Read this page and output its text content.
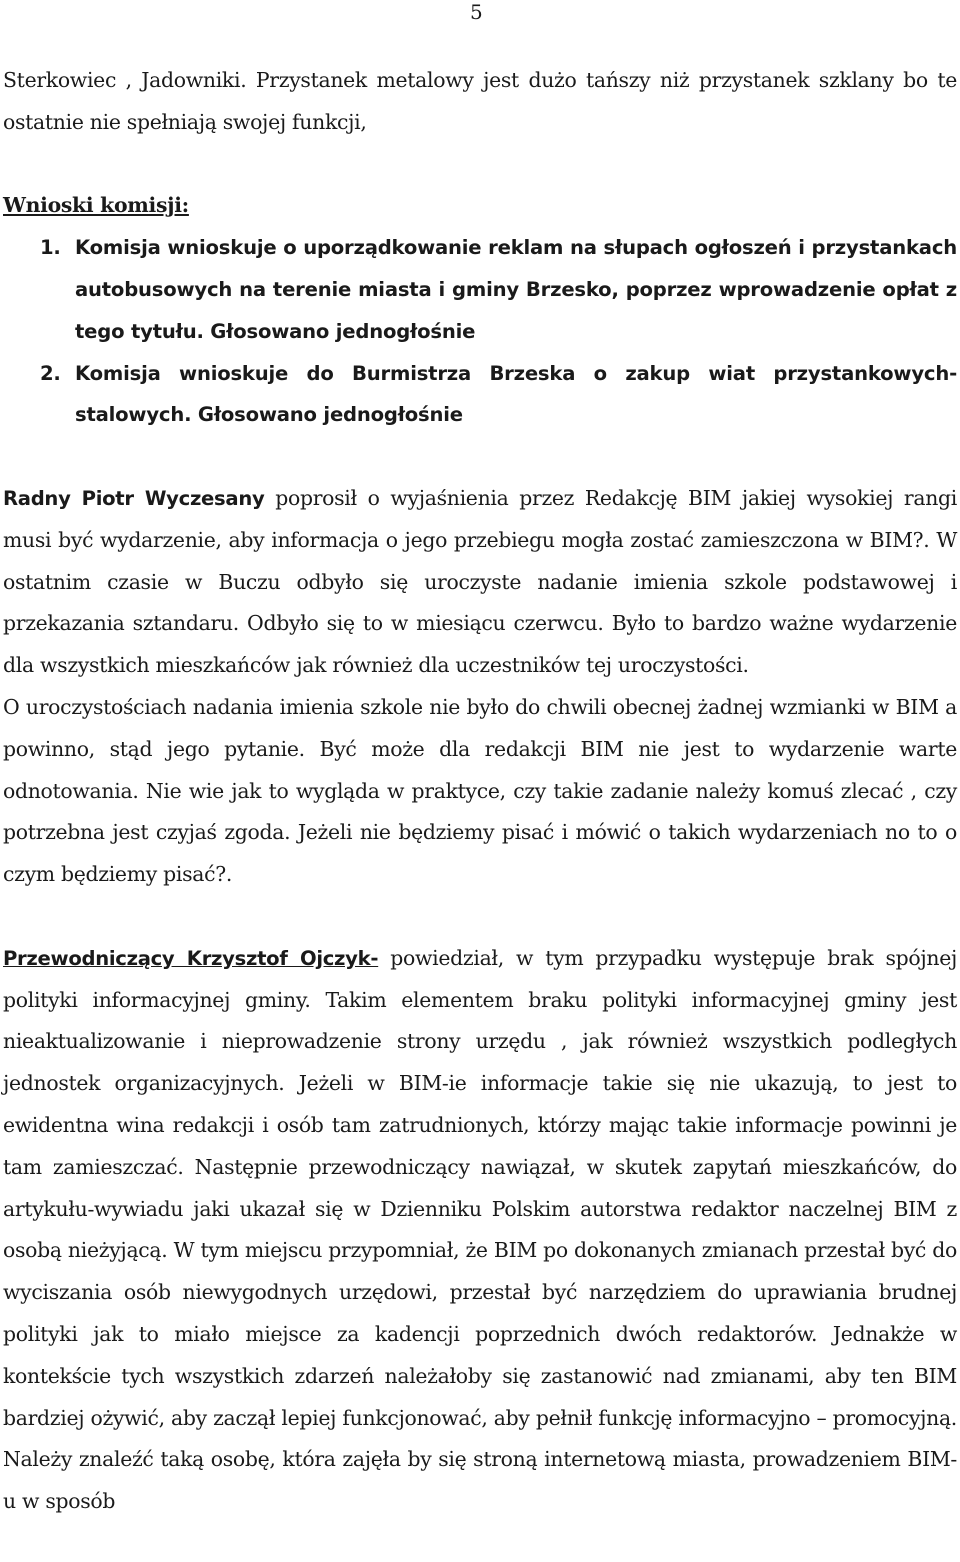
5

Sterkowiec , Jadowniki. Przystanek metalowy jest dużo tańszy niż przystanek szklany bo te ostatnie nie spełniają swojej funkcji,

Wnioski komisji:

1. Komisja wnioskuje o uporządkowanie reklam na słupach ogłoszeń i przystankach autobusowych na terenie miasta i gminy Brzesko, poprzez wprowadzenie opłat z tego tytułu. Głosowano jednogłośnie
2. Komisja wnioskuje do Burmistrza Brzeska o zakup wiat przystankowych- stalowych. Głosowano jednogłośnie

Radny Piotr Wyczesany poprosił o wyjaśnienia przez Redakcję BIM jakiej wysokiej rangi musi być wydarzenie, aby informacja o jego przebiegu mogła zostać zamieszczona w BIM?. W ostatnim czasie w Buczu odbyło się uroczyste nadanie imienia szkole podstawowej i przekazania sztandaru. Odbyło się to w miesiącu czerwcu. Było to bardzo ważne wydarzenie dla wszystkich mieszkańców jak również dla uczestników tej uroczystości.

O uroczystościach nadania imienia szkole nie było do chwili obecnej żadnej wzmianki w BIM a powinno, stąd jego pytanie. Być może dla redakcji BIM nie jest to wydarzenie warte odnotowania. Nie wie jak to wygląda w praktyce, czy takie zadanie należy komuś zlecać , czy potrzebna jest czyjaś zgoda. Jeżeli nie będziemy pisać i mówić o takich wydarzeniach no to o czym będziemy pisać?.

Przewodniczący Krzysztof Ojczyk- powiedział, w tym przypadku występuje brak spójnej polityki informacyjnej gminy. Takim elementem braku polityki informacyjnej gminy jest nieaktualizowanie i nieprowadzenie strony urzędu , jak również wszystkich podległych jednostek organizacyjnych. Jeżeli w BIM-ie informacje takie się nie ukazują, to jest to ewidentna wina redakcji i osób tam zatrudnionych, którzy mając takie informacje powinni je tam zamieszczać. Następnie przewodniczący nawiązał, w skutek zapytań mieszkańców, do artykułu-wywiadu jaki ukazał się w Dzienniku Polskim autorstwa redaktor naczelnej BIM z osobą nieżyjącą. W tym miejscu przypomniał, że BIM po dokonanych zmianach przestał być do wyciszania osób niewygodnych urzędowi, przestał być narzędziem do uprawiania brudnej polityki jak to miało miejsce za kadencji poprzednich dwóch redaktorów. Jednakże w kontekście tych wszystkich zdarzeń należałoby się zastanowić nad zmianami, aby ten BIM bardziej ożywić, aby zaczął lepiej funkcjonować, aby pełnił funkcję informacyjno – promocyjną. Należy znaleźć taką osobę, która zajęła by się stroną internetową miasta, prowadzeniem BIM-u w sposób
